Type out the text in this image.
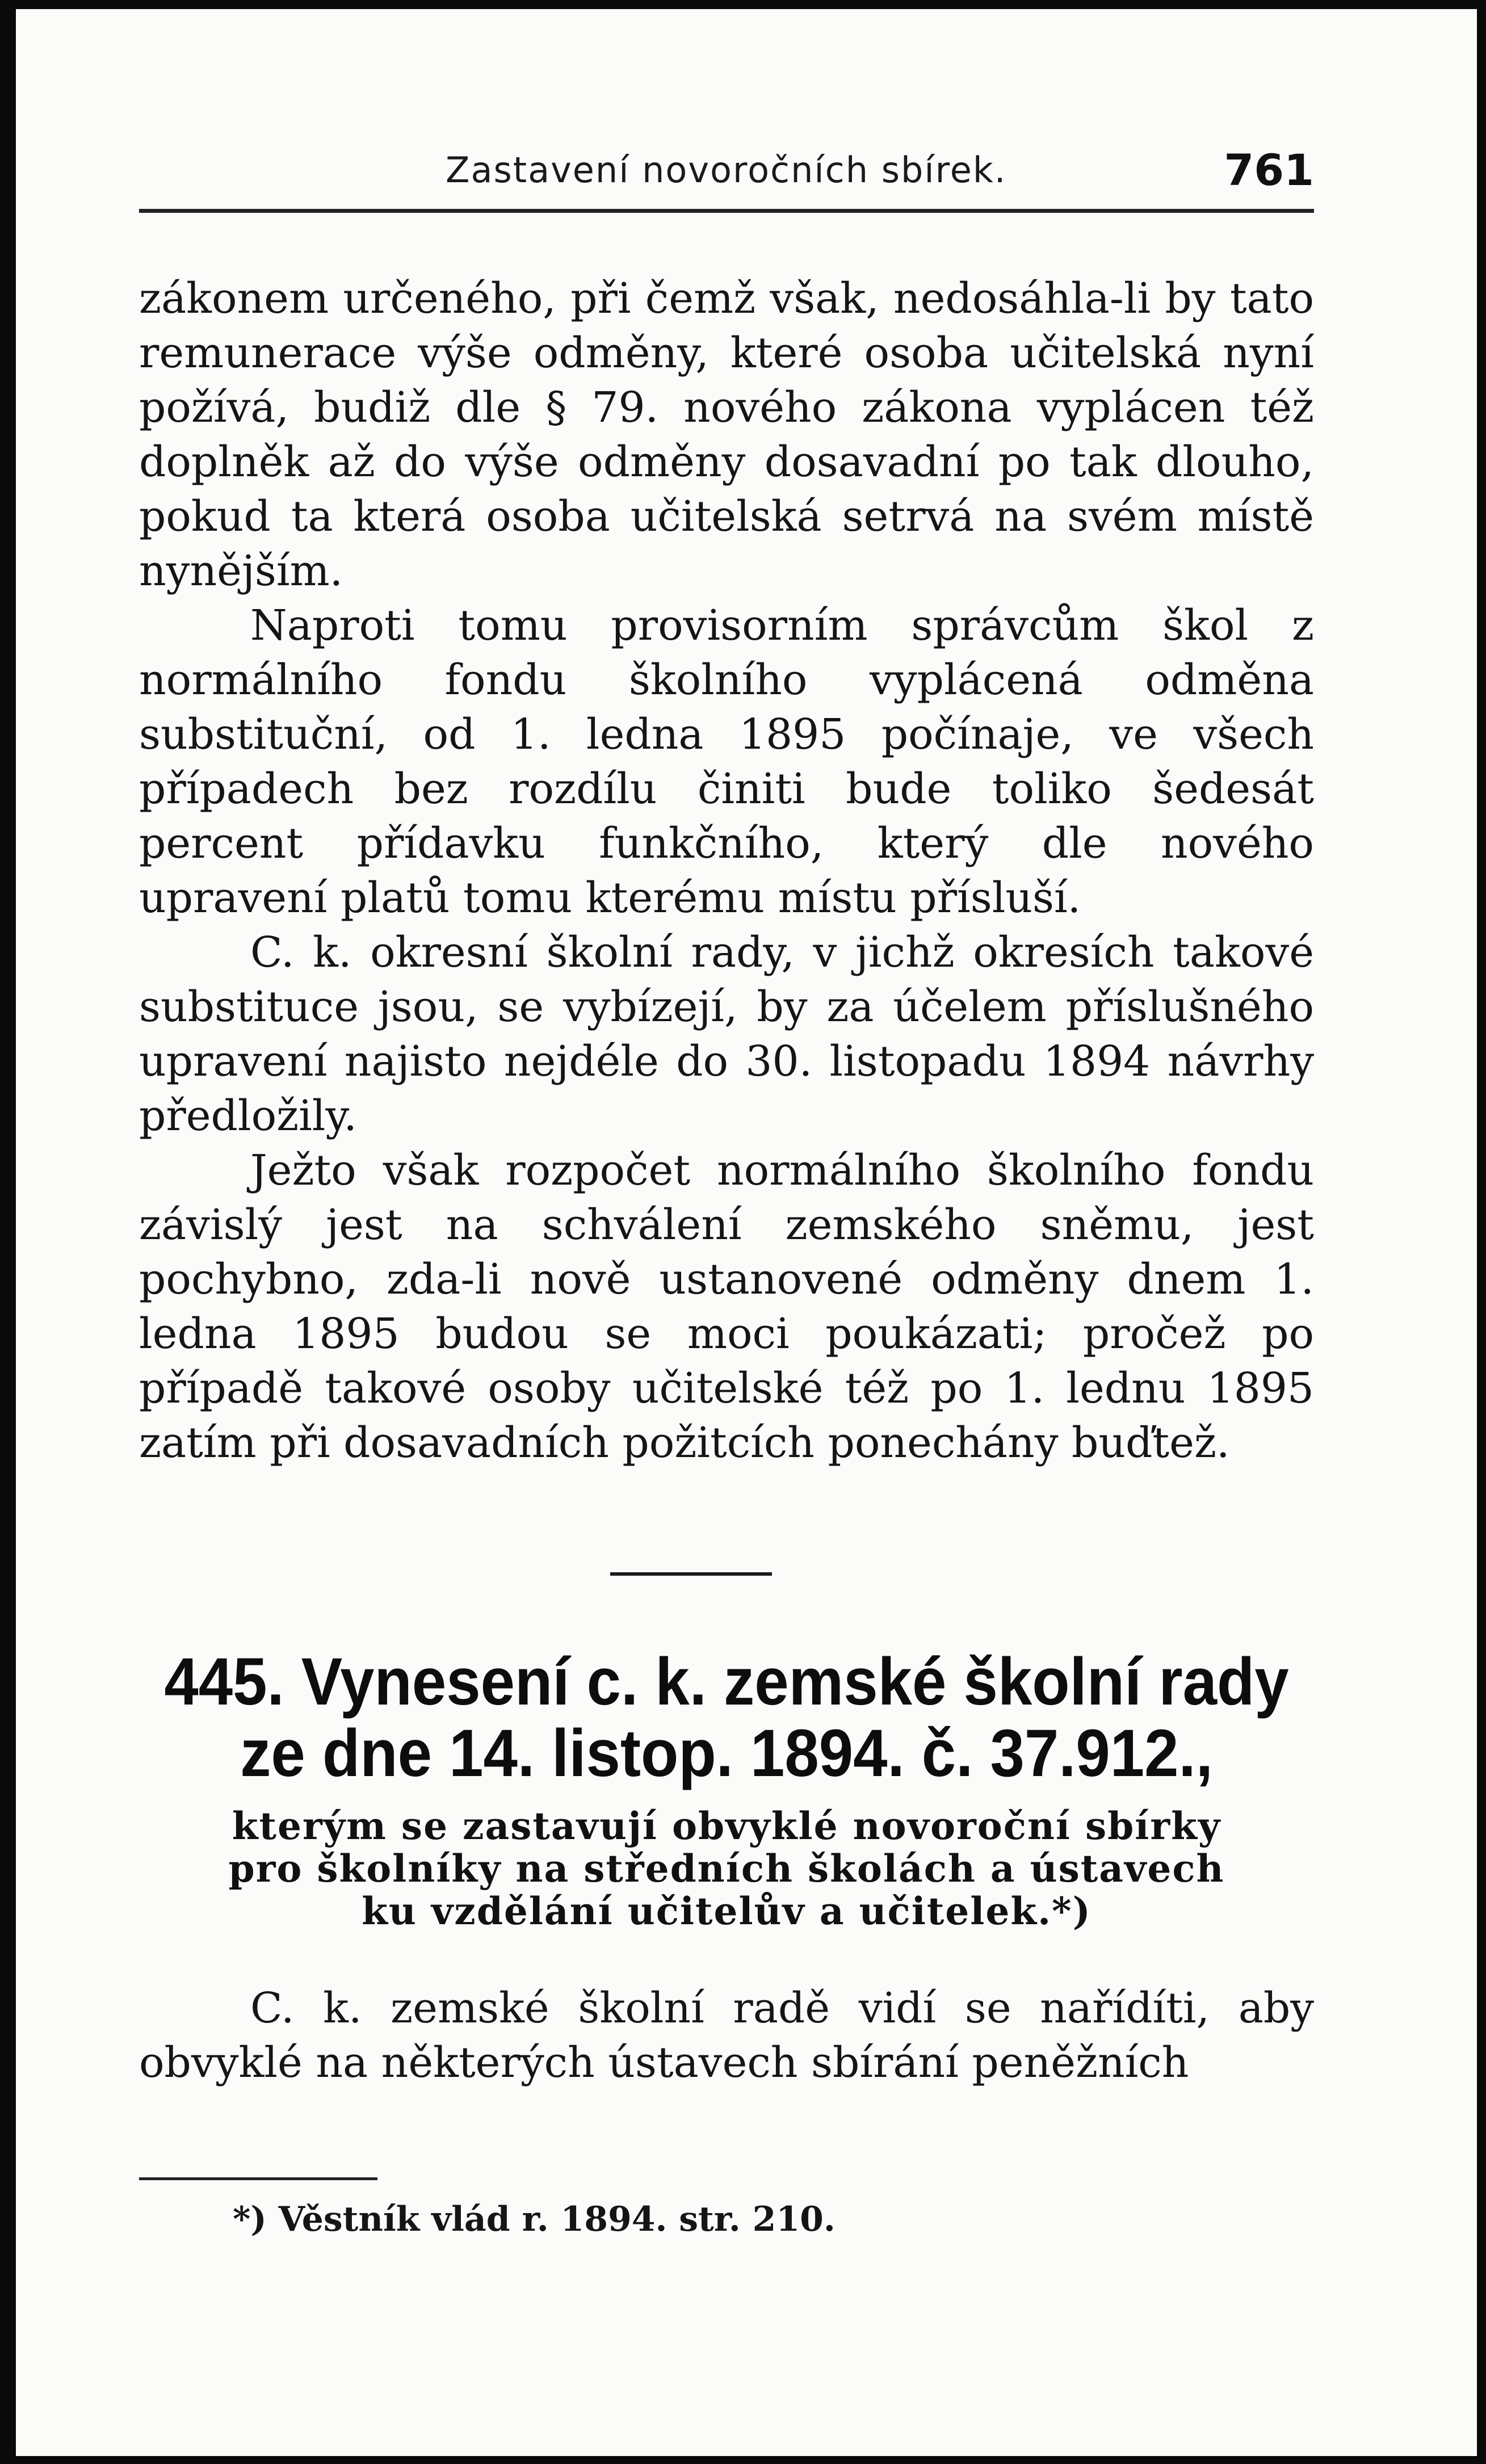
Zastavení novoročních sbírek.	761

zákonem určeného, při čemž však, nedosáhla-li by tato remunerace výše odměny, které osoba učitelská nyní požívá, budiž dle § 79. nového zákona vyplácen též doplněk až do výše odměny dosavadní po tak dlouho, pokud ta která osoba učitelská setrvá na svém místě nynějším.

Naproti tomu provisorním správcům škol z normálního fondu školního vyplácená odměna substituční, od 1. ledna 1895 počínaje, ve všech případech bez rozdílu činiti bude toliko šedesát percent přídavku funkčního, který dle nového upravení platů tomu kterému místu přísluší.

C. k. okresní školní rady, v jichž okresích takové substituce jsou, se vybízejí, by za účelem příslušného upravení najisto nejdéle do 30. listopadu 1894 návrhy předložily.

Ježto však rozpočet normálního školního fondu závislý jest na schválení zemského sněmu, jest pochybno, zda-li nově ustanovené odměny dnem 1. ledna 1895 budou se moci poukázati; pročež po případě takové osoby učitelské též po 1. lednu 1895 zatím při dosavadních požitcích ponechány buďtež.

445. Vynesení c. k. zemské školní rady
ze dne 14. listop. 1894. č. 37.912.,
kterým se zastavují obvyklé novoroční sbírky
pro školníky na středních školách a ústavech
ku vzdělání učitelův a učitelek.*)

C. k. zemské školní radě vidí se nařídíti, aby obvyklé na některých ústavech sbírání peněžních

*) Věstník vlád r. 1894. str. 210.
